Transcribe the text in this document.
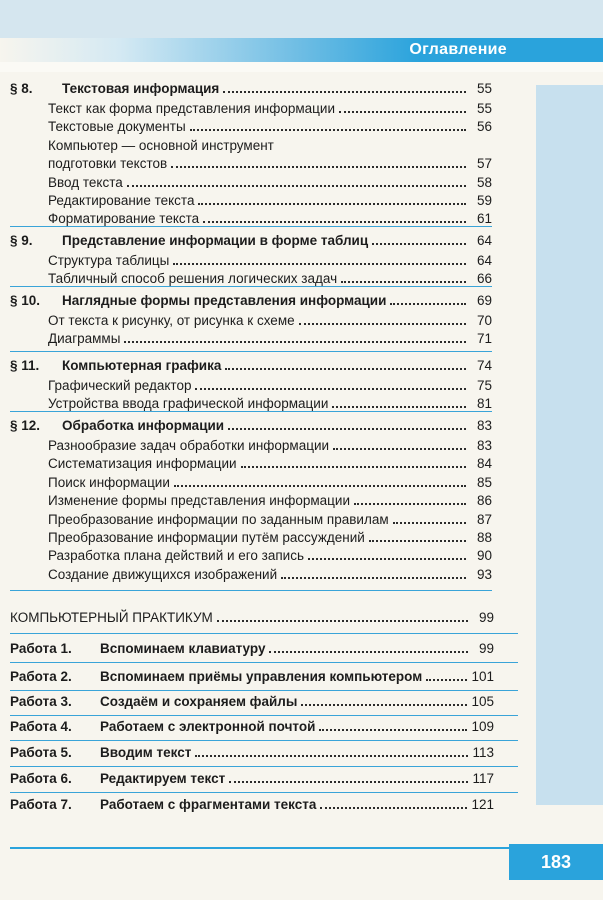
Оглавление
§ 8.	Текстовая информация	55
Текст как форма представления информации	55
Текстовые документы	56
Компьютер — основной инструмент
подготовки текстов	57
Ввод текста	58
Редактирование текста	59
Форматирование текста	61
§ 9.	Представление информации в форме таблиц	64
Структура таблицы	64
Табличный способ решения логических задач	66
§ 10.	Наглядные формы представления информации	69
От текста к рисунку, от рисунка к схеме	70
Диаграммы	71
§ 11.	Компьютерная графика	74
Графический редактор	75
Устройства ввода графической информации	81
§ 12.	Обработка информации	83
Разнообразие задач обработки информации	83
Систематизация информации	84
Поиск информации	85
Изменение формы представления информации	86
Преобразование информации по заданным правилам	87
Преобразование информации путём рассуждений	88
Разработка плана действий и его запись	90
Создание движущихся изображений	93
КОМПЬЮТЕРНЫЙ ПРАКТИКУМ	99
Работа 1.	Вспоминаем клавиатуру	99
Работа 2.	Вспоминаем приёмы управления компьютером	101
Работа 3.	Создаём и сохраняем файлы	105
Работа 4.	Работаем с электронной почтой	109
Работа 5.	Вводим текст	113
Работа 6.	Редактируем текст	117
Работа 7.	Работаем с фрагментами текста	121
183
